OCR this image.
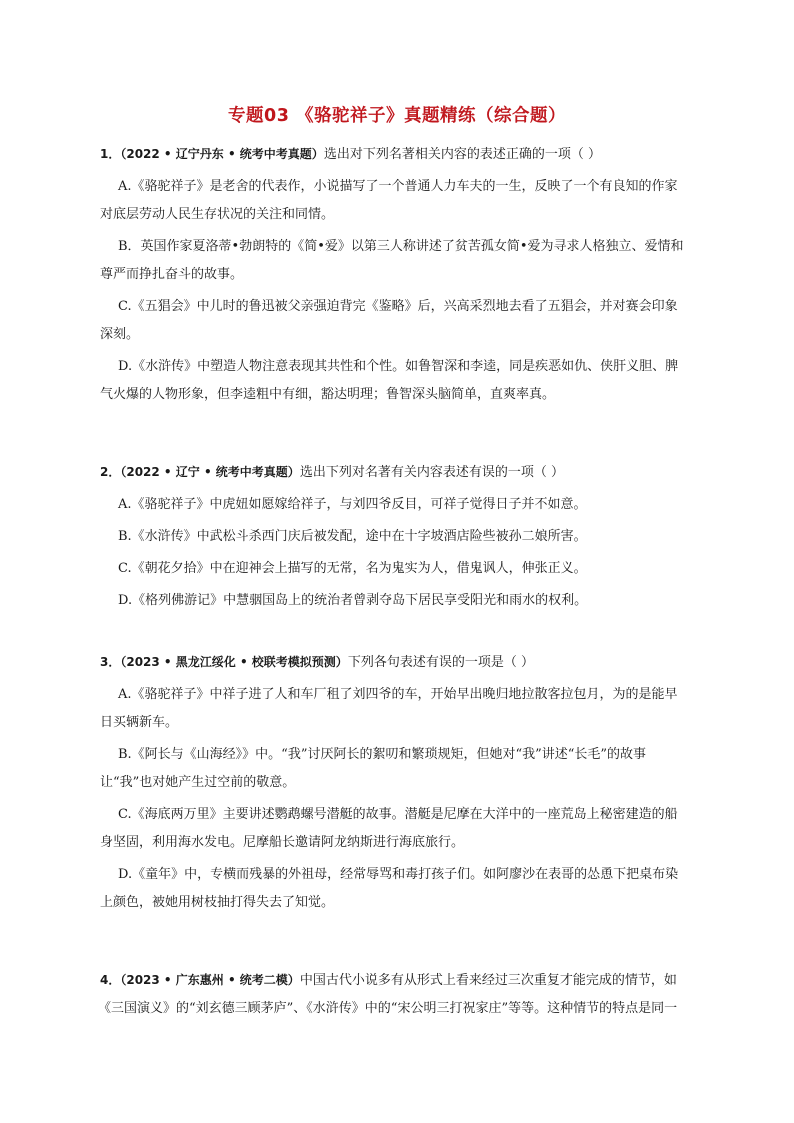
专题03 《骆驼祥子》真题精练（综合题）
1．（2022 • 辽宁丹东 • 统考中考真题）选出对下列名著相关内容的表述正确的一项（ ）
A.《骆驼祥子》是老舍的代表作，小说描写了一个普通人力车夫的一生，反映了一个有良知的作家
对底层劳动人民生存状况的关注和同情。
B．英国作家夏洛蒂•勃朗特的《简•爱》以第三人称讲述了贫苦孤女简•爱为寻求人格独立、爱情和
尊严而挣扎奋斗的故事。
C.《五猖会》中儿时的鲁迅被父亲强迫背完《鉴略》后，兴高采烈地去看了五猖会，并对赛会印象
深刻。
D.《水浒传》中塑造人物注意表现其共性和个性。如鲁智深和李逵，同是疾恶如仇、侠肝义胆、脾
气火爆的人物形象，但李逵粗中有细，豁达明理；鲁智深头脑简单，直爽率真。
2．（2022 • 辽宁 • 统考中考真题）选出下列对名著有关内容表述有误的一项（ ）
A.《骆驼祥子》中虎妞如愿嫁给祥子，与刘四爷反目，可祥子觉得日子并不如意。
B.《水浒传》中武松斗杀西门庆后被发配，途中在十字坡酒店险些被孙二娘所害。
C.《朝花夕拾》中在迎神会上描写的无常，名为鬼实为人，借鬼讽人，伸张正义。
D.《格列佛游记》中慧骃国岛上的统治者曾剥夺岛下居民享受阳光和雨水的权利。
3．（2023 • 黑龙江绥化 • 校联考模拟预测）下列各句表述有误的一项是（ ）
A.《骆驼祥子》中祥子进了人和车厂租了刘四爷的车，开始早出晚归地拉散客拉包月，为的是能早
日买辆新车。
B.《阿长与《山海经》》中。“我”讨厌阿长的絮叨和繁琐规矩，但她对“我”讲述“长毛”的故事
让“我”也对她产生过空前的敬意。
C.《海底两万里》主要讲述鹦鹉螺号潜艇的故事。潜艇是尼摩在大洋中的一座荒岛上秘密建造的船
身坚固，利用海水发电。尼摩船长邀请阿龙纳斯进行海底旅行。
D.《童年》中，专横而残暴的外祖母，经常辱骂和毒打孩子们。如阿廖沙在表哥的怂恿下把桌布染
上颜色，被她用树枝抽打得失去了知觉。
4．（2023 • 广东惠州 • 统考二模）中国古代小说多有从形式上看来经过三次重复才能完成的情节，如
《三国演义》的“刘玄德三顾茅庐”、《水浒传》中的“宋公明三打祝家庄”等等。这种情节的特点是同一
